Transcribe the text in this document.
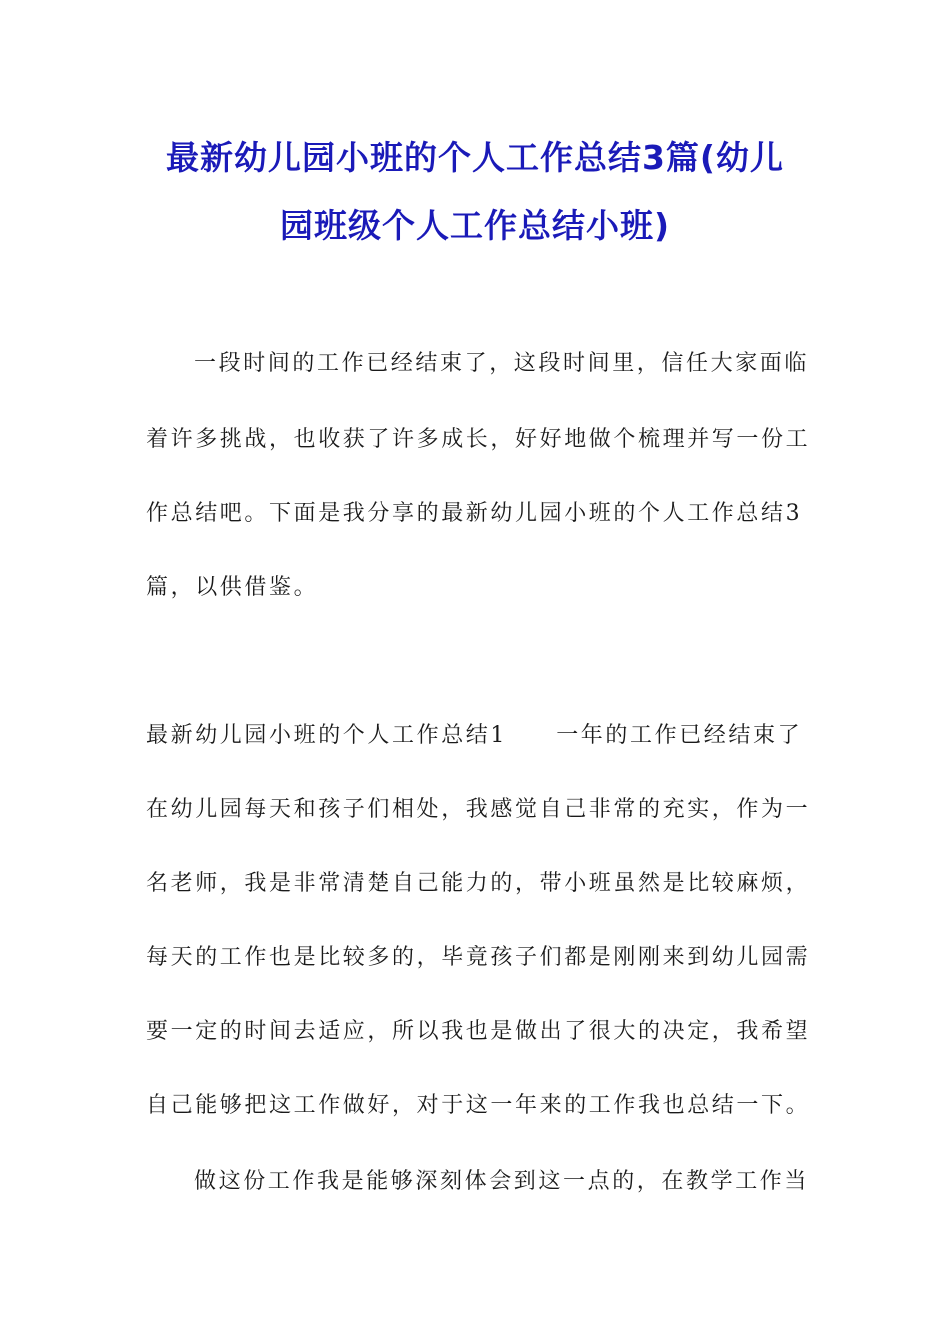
最新幼儿园小班的个人工作总结3篇(幼儿
园班级个人工作总结小班)

一段时间的工作已经结束了，这段时间里，信任大家面临

着许多挑战，也收获了许多成长，好好地做个梳理并写一份工

作总结吧。下面是我分享的最新幼儿园小班的个人工作总结3

篇，以供借鉴。

最新幼儿园小班的个人工作总结1　　一年的工作已经结束了

在幼儿园每天和孩子们相处，我感觉自己非常的充实，作为一

名老师，我是非常清楚自己能力的，带小班虽然是比较麻烦，

每天的工作也是比较多的，毕竟孩子们都是刚刚来到幼儿园需

要一定的时间去适应，所以我也是做出了很大的决定，我希望

自己能够把这工作做好，对于这一年来的工作我也总结一下。

做这份工作我是能够深刻体会到这一点的，在教学工作当
